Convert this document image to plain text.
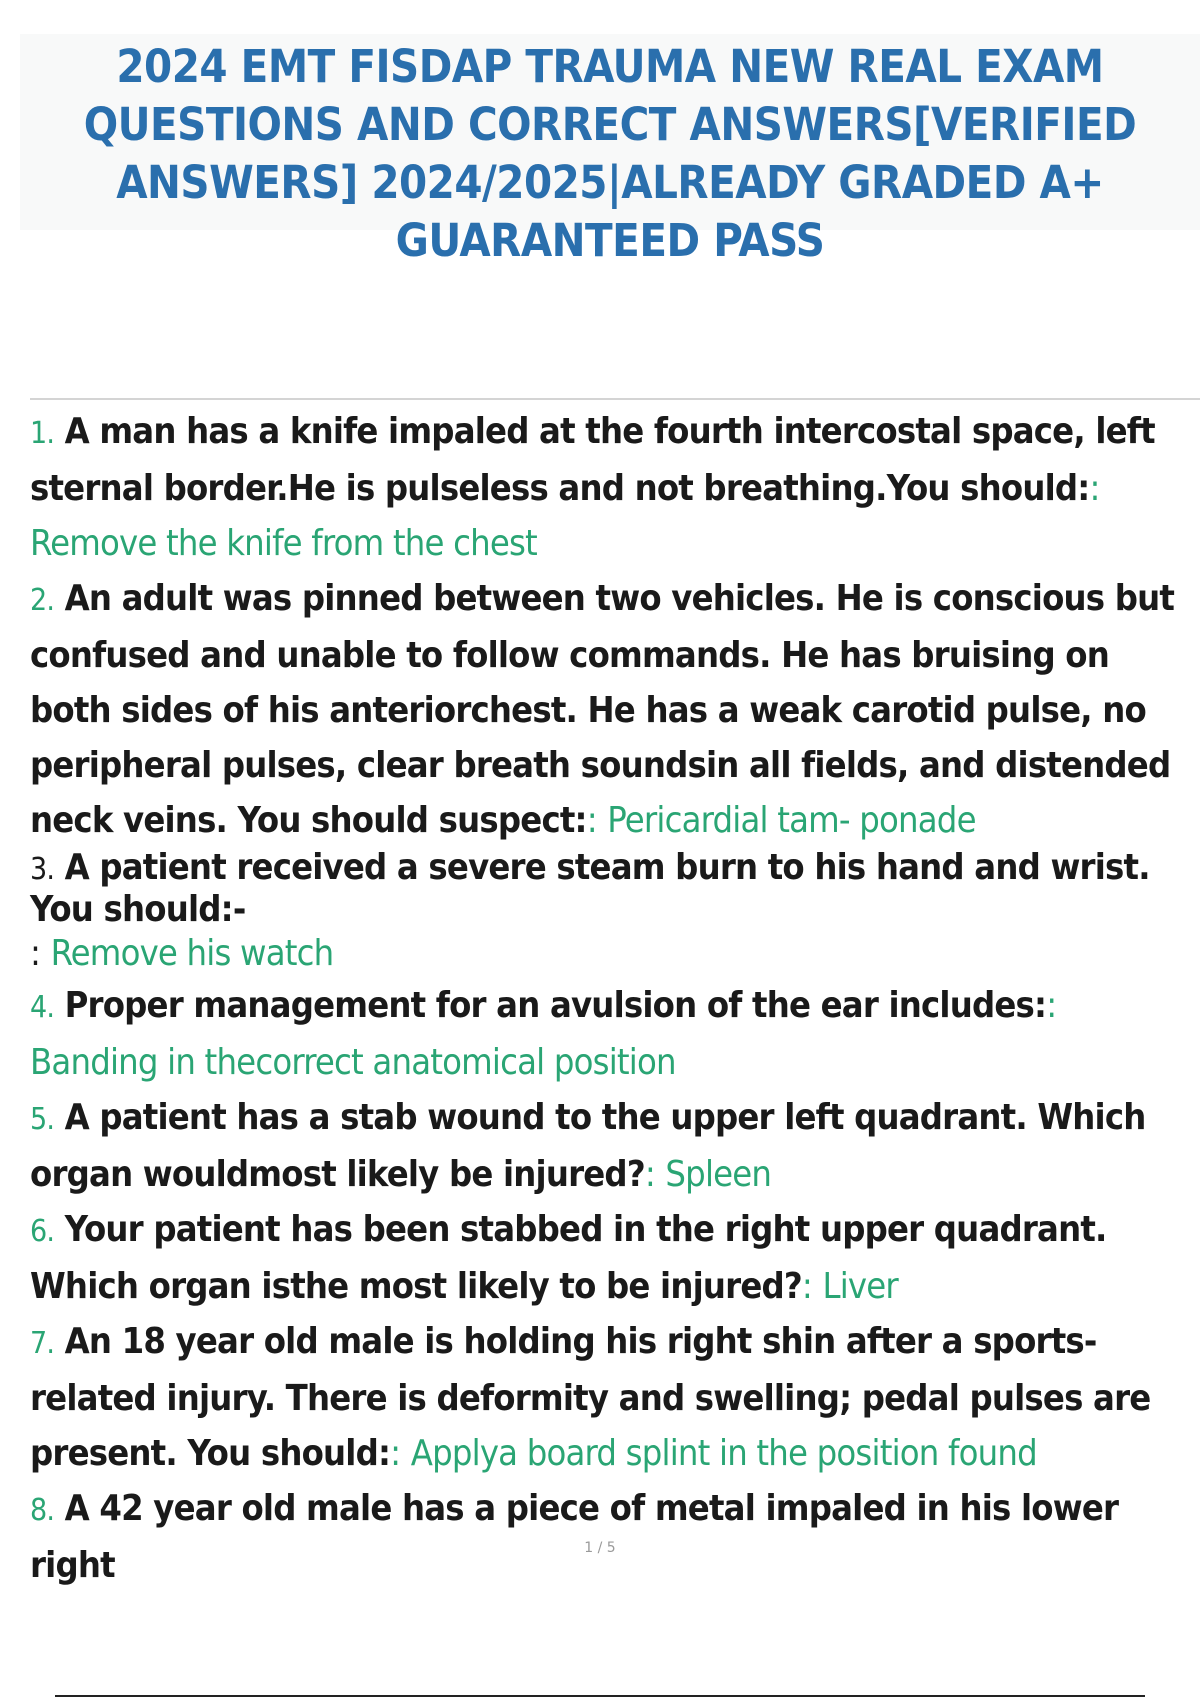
2024 EMT FISDAP TRAUMA NEW REAL EXAM QUESTIONS AND CORRECT ANSWERS[VERIFIED ANSWERS] 2024/2025|ALREADY GRADED A+ GUARANTEED PASS

1. A man has a knife impaled at the fourth intercostal space, left sternal border.He is pulseless and not breathing.You should:: Remove the knife from the chest

2. An adult was pinned between two vehicles. He is conscious but confused and unable to follow commands. He has bruising on both sides of his anteriorchest. He has a weak carotid pulse, no peripheral pulses, clear breath soundsin all fields, and distended neck veins. You should suspect:: Pericardial tam- ponade

3. A patient received a severe steam burn to his hand and wrist. You should:-

: Remove his watch

4. Proper management for an avulsion of the ear includes:: Banding in thecorrect anatomical position

5. A patient has a stab wound to the upper left quadrant. Which organ wouldmost likely be injured?: Spleen

6. Your patient has been stabbed in the right upper quadrant. Which organ isthe most likely to be injured?: Liver

7. An 18 year old male is holding his right shin after a sports-related injury. There is deformity and swelling; pedal pulses are present. You should:: Applya board splint in the position found

8. A 42 year old male has a piece of metal impaled in his lower right	1 / 5
